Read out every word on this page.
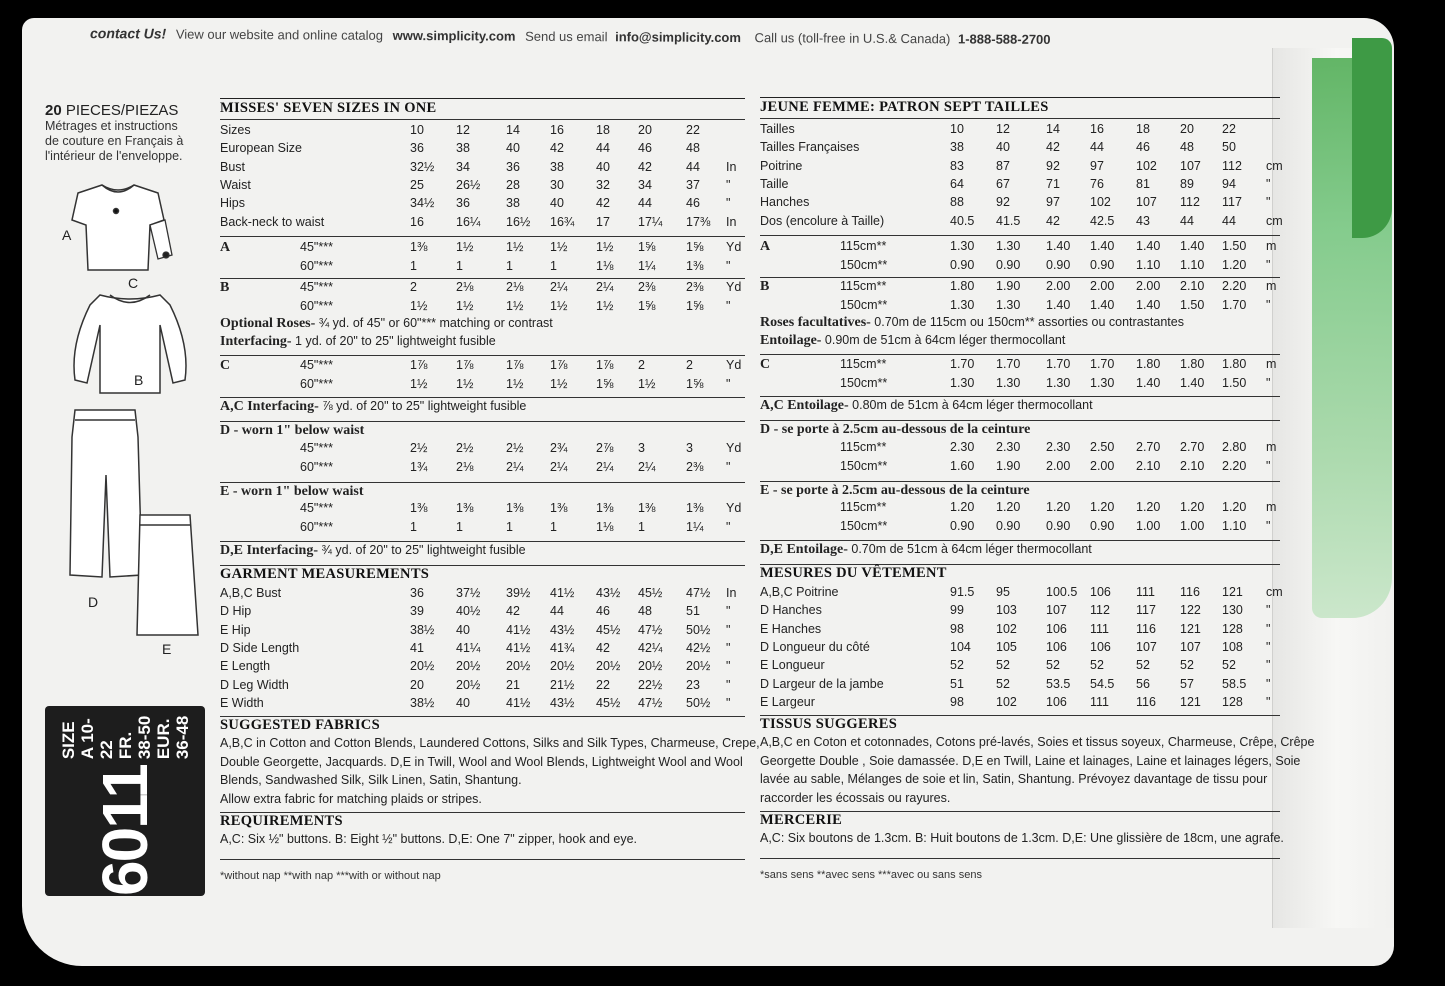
contact Us! View our website and online catalog www.simplicity.com Send us email info@simplicity.com Call us (toll-free in U.S.& Canada) 1-888-588-2700
20 PIECES/PIEZAS
Métrages et instructions
de couture en Français à
l'intérieur de l'enveloppe.
A
C
B
D
E
6011
SIZE A 10-22 FR. 38-50 EUR. 36-48
MISSES' SEVEN SIZES IN ONE
Sizes	10	12	14	16	18	20	22
European Size	36	38	40	42	44	46	48
Bust	32½	34	36	38	40	42	44	In
Waist	25	26½	28	30	32	34	37	"
Hips	34½	36	38	40	42	44	46	"
Back-neck to waist	16	16¼	16½	16¾	17	17¼	17⅜	In
A	45"***	1⅜	1½	1½	1½	1½	1⅝	1⅝	Yd
60"***	1	1	1	1	1⅛	1¼	1⅜	"
B	45"***	2	2⅛	2⅛	2¼	2¼	2⅜	2⅜	Yd
60"***	1½	1½	1½	1½	1½	1⅝	1⅝	"
Optional Roses- ¾ yd. of 45" or 60"*** matching or contrast
Interfacing- 1 yd. of 20" to 25" lightweight fusible
C	45"***	1⅞	1⅞	1⅞	1⅞	1⅞	2	2	Yd
60"***	1½	1½	1½	1½	1⅝	1½	1⅝	"
A,C Interfacing- ⅞ yd. of 20" to 25" lightweight fusible
D - worn 1" below waist
45"***	2½	2½	2½	2¾	2⅞	3	3	Yd
60"***	1¾	2⅛	2¼	2¼	2¼	2¼	2⅜	"
E - worn 1" below waist
45"***	1⅜	1⅜	1⅜	1⅜	1⅜	1⅜	1⅜	Yd
60"***	1	1	1	1	1⅛	1	1¼	"
D,E Interfacing- ¾ yd. of 20" to 25" lightweight fusible
GARMENT MEASUREMENTS
A,B,C Bust	36	37½	39½	41½	43½	45½	47½	In
D Hip	39	40½	42	44	46	48	51	"
E Hip	38½	40	41½	43½	45½	47½	50½	"
D Side Length	41	41¼	41½	41¾	42	42¼	42½	"
E Length	20½	20½	20½	20½	20½	20½	20½	"
D Leg Width	20	20½	21	21½	22	22½	23	"
E Width	38½	40	41½	43½	45½	47½	50½	"
SUGGESTED FABRICS
A,B,C in Cotton and Cotton Blends, Laundered Cottons, Silks and Silk Types, Charmeuse, Crepe,
Double Georgette, Jacquards. D,E in Twill, Wool and Wool Blends, Lightweight Wool and Wool
Blends, Sandwashed Silk, Silk Linen, Satin, Shantung.
Allow extra fabric for matching plaids or stripes.
REQUIREMENTS
A,C: Six ½" buttons. B: Eight ½" buttons. D,E: One 7" zipper, hook and eye.
*without nap **with nap ***with or without nap
JEUNE FEMME: PATRON SEPT TAILLES
Tailles	10	12	14	16	18	20	22
Tailles Françaises	38	40	42	44	46	48	50
Poitrine	83	87	92	97	102	107	112	cm
Taille	64	67	71	76	81	89	94	"
Hanches	88	92	97	102	107	112	117	"
Dos (encolure à Taille)	40.5	41.5	42	42.5	43	44	44	cm
A	115cm**	1.30	1.30	1.40	1.40	1.40	1.40	1.50	m
150cm**	0.90	0.90	0.90	0.90	1.10	1.10	1.20	"
B	115cm**	1.80	1.90	2.00	2.00	2.00	2.10	2.20	m
150cm**	1.30	1.30	1.40	1.40	1.40	1.50	1.70	"
Roses facultatives- 0.70m de 115cm ou 150cm** assorties ou contrastantes
Entoilage- 0.90m de 51cm à 64cm léger thermocollant
C	115cm**	1.70	1.70	1.70	1.70	1.80	1.80	1.80	m
150cm**	1.30	1.30	1.30	1.30	1.40	1.40	1.50	"
A,C Entoilage- 0.80m de 51cm à 64cm léger thermocollant
D - se porte à 2.5cm au-dessous de la ceinture
115cm**	2.30	2.30	2.30	2.50	2.70	2.70	2.80	m
150cm**	1.60	1.90	2.00	2.00	2.10	2.10	2.20	"
E - se porte à 2.5cm au-dessous de la ceinture
115cm**	1.20	1.20	1.20	1.20	1.20	1.20	1.20	m
150cm**	0.90	0.90	0.90	0.90	1.00	1.00	1.10	"
D,E Entoilage- 0.70m de 51cm à 64cm léger thermocollant
MESURES DU VÊTEMENT
A,B,C Poitrine	91.5	95	100.5	106	111	116	121	cm
D Hanches	99	103	107	112	117	122	130	"
E Hanches	98	102	106	111	116	121	128	"
D Longueur du côté	104	105	106	106	107	107	108	"
E Longueur	52	52	52	52	52	52	52	"
D Largeur de la jambe	51	52	53.5	54.5	56	57	58.5	"
E Largeur	98	102	106	111	116	121	128	"
TISSUS SUGGERES
A,B,C en Coton et cotonnades, Cotons pré-lavés, Soies et tissus soyeux, Charmeuse, Crêpe, Crêpe
Georgette Double , Soie damassée. D,E en Twill, Laine et lainages, Laine et lainages légers, Soie
lavée au sable, Mélanges de soie et lin, Satin, Shantung. Prévoyez davantage de tissu pour
raccorder les écossais ou rayures.
MERCERIE
A,C: Six boutons de 1.3cm. B: Huit boutons de 1.3cm. D,E: Une glissière de 18cm, une agrafe.
*sans sens **avec sens ***avec ou sans sens
